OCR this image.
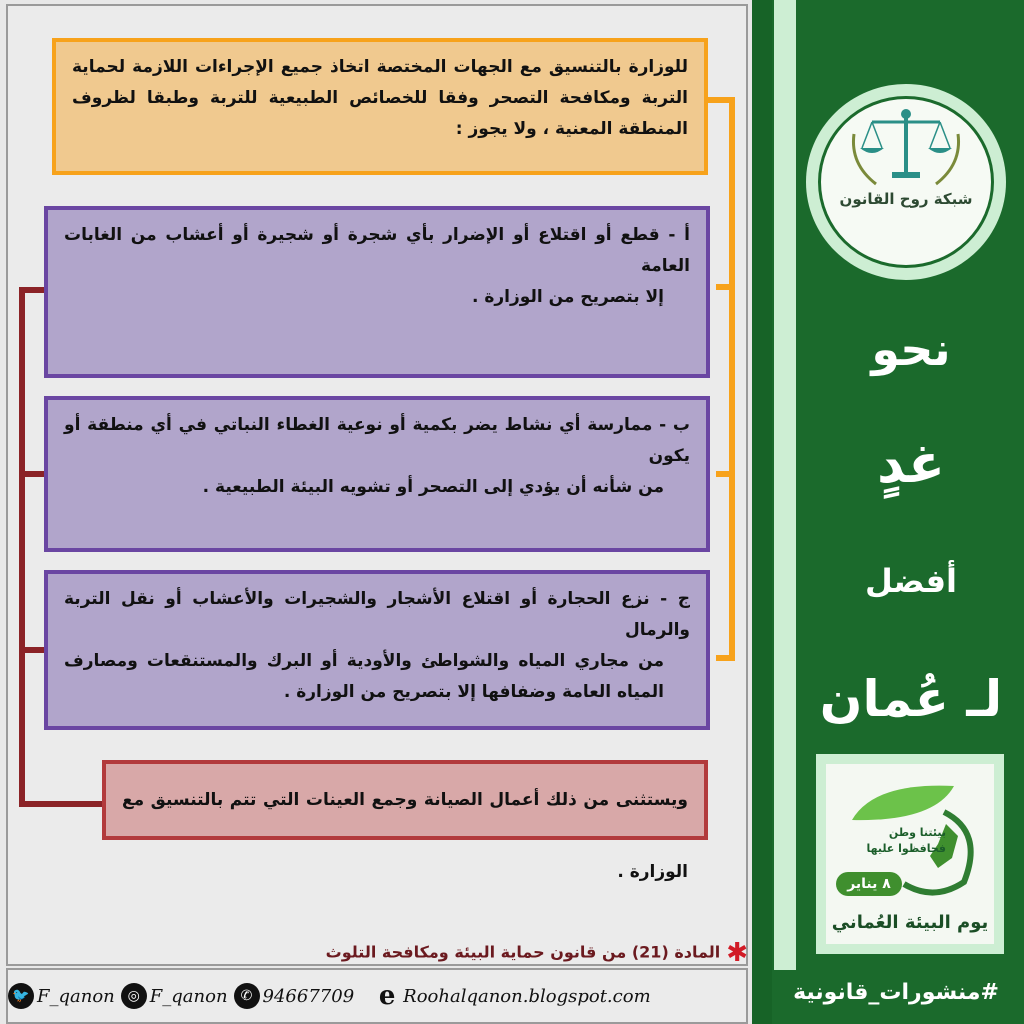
للوزارة بالتنسيق مع الجهات المختصة اتخاذ جميع الإجراءات اللازمة لحماية التربة ومكافحة التصحر وفقا للخصائص الطبيعية للتربة وطبقا لظروف المنطقة المعنية ، ولا يجوز :
أ - قطع أو اقتلاع أو الإضرار بأي شجرة أو شجيرة أو أعشاب من الغابات العامة
إلا بتصريح من الوزارة .
ب - ممارسة أي نشاط يضر بكمية أو نوعية الغطاء النباتي في أي منطقة أو يكون
من شأنه أن يؤدي إلى التصحر أو تشويه البيئة الطبيعية .
ج - نزع الحجارة أو اقتلاع الأشجار والشجيرات والأعشاب أو نقل التربة والرمال
من مجاري المياه والشواطئ والأودية أو البرك والمستنقعات ومصارف المياه العامة وضفافها إلا بتصريح من الوزارة .
ويستثنى من ذلك أعمال الصيانة وجمع العينات التي تتم بالتنسيق مع الوزارة .
✱المادة (21) من قانون حماية البيئة ومكافحة التلوث
🐦 F_qanon ◎ F_qanon ✆ 94667709 e Roohalqanon.blogspot.com
شبكة روح القانون
نحو
غدٍ
أفضل
لـ عُمان
بيئتنا وطن
فحافظوا عليها
٨ يناير
يوم البيئة العُماني
#منشورات_قانونية
